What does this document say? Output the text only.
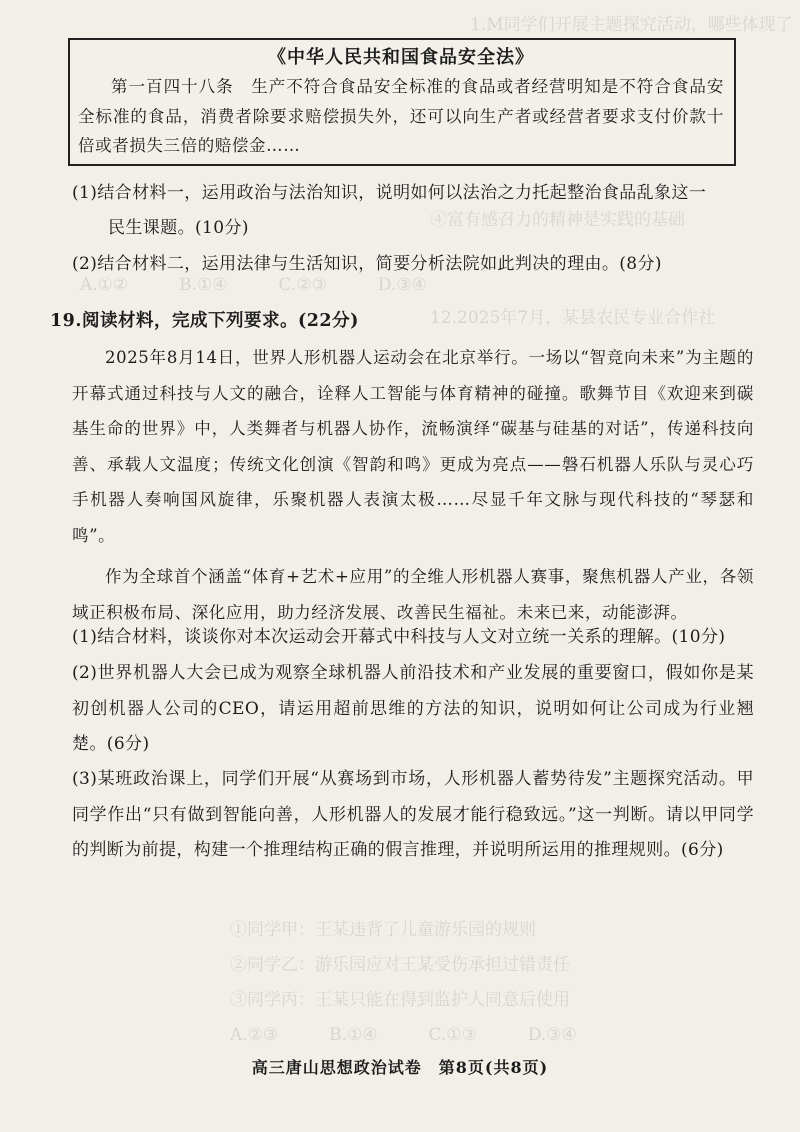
1.M同学们开展主题探究活动，哪些体现了
④富有感召力的精神是实践的基础
A.①②　　　B.①④　　　C.②③　　　D.③④
12.2025年7月，某县农民专业合作社
①同学甲：王某违背了儿童游乐园的规则
②同学乙：游乐园应对王某受伤承担过错责任
③同学丙：王某只能在得到监护人同意后使用
A.②③　　　B.①④　　　C.①③　　　D.③④
《中华人民共和国食品安全法》
第一百四十八条　生产不符合食品安全标准的食品或者经营明知是不符合食品安全标准的食品，消费者除要求赔偿损失外，还可以向生产者或经营者要求支付价款十倍或者损失三倍的赔偿金……
(1)结合材料一，运用政治与法治知识，说明如何以法治之力托起整治食品乱象这一
民生课题。(10分)
(2)结合材料二，运用法律与生活知识，简要分析法院如此判决的理由。(8分)
19.阅读材料，完成下列要求。(22分)

2025年8月14日，世界人形机器人运动会在北京举行。一场以“智竞向未来”为主题的开幕式通过科技与人文的融合，诠释人工智能与体育精神的碰撞。歌舞节目《欢迎来到碳基生命的世界》中，人类舞者与机器人协作，流畅演绎“碳基与硅基的对话”，传递科技向善、承载人文温度；传统文化创演《智韵和鸣》更成为亮点——磐石机器人乐队与灵心巧手机器人奏响国风旋律，乐聚机器人表演太极……尽显千年文脉与现代科技的“琴瑟和鸣”。

作为全球首个涵盖“体育+艺术+应用”的全维人形机器人赛事，聚焦机器人产业，各领域正积极布局、深化应用，助力经济发展、改善民生福祉。未来已来，动能澎湃。

(1)结合材料，谈谈你对本次运动会开幕式中科技与人文对立统一关系的理解。(10分)
(2)世界机器人大会已成为观察全球机器人前沿技术和产业发展的重要窗口，假如你是某初创机器人公司的CEO，请运用超前思维的方法的知识，说明如何让公司成为行业翘楚。(6分)
(3)某班政治课上，同学们开展“从赛场到市场，人形机器人蓄势待发”主题探究活动。甲同学作出“只有做到智能向善，人形机器人的发展才能行稳致远。”这一判断。请以甲同学的判断为前提，构建一个推理结构正确的假言推理，并说明所运用的推理规则。(6分)
高三唐山思想政治试卷　第8页(共8页)
